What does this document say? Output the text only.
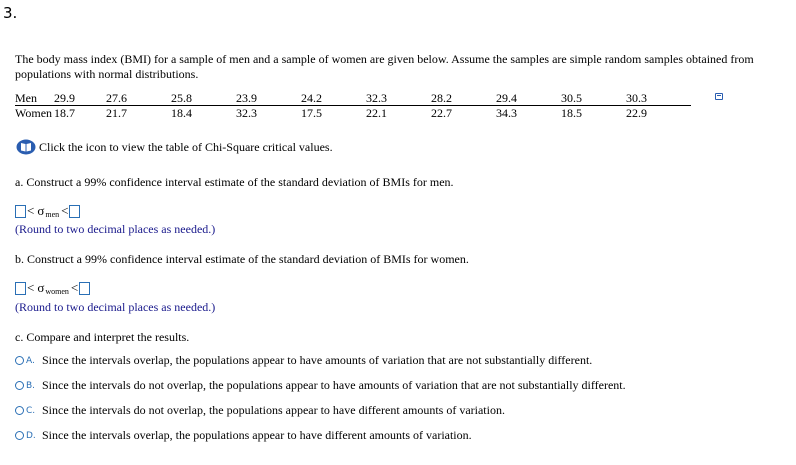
3.
The body mass index (BMI) for a sample of men and a sample of women are given below. Assume the samples are simple random samples obtained from populations with normal distributions.
Men	29.9	27.6	25.8	23.9	24.2	32.3	28.2	29.4	30.5	30.3
Women	18.7	21.7	18.4	32.3	17.5	22.1	22.7	34.3	18.5	22.9
Click the icon to view the table of Chi-Square critical values.
a. Construct a 99% confidence interval estimate of the standard deviation of BMIs for men.
< σ men <
(Round to two decimal places as needed.)
b. Construct a 99% confidence interval estimate of the standard deviation of BMIs for women.
< σ women <
(Round to two decimal places as needed.)
c. Compare and interpret the results.
A. Since the intervals overlap, the populations appear to have amounts of variation that are not substantially different.
B. Since the intervals do not overlap, the populations appear to have amounts of variation that are not substantially different.
C. Since the intervals do not overlap, the populations appear to have different amounts of variation.
D. Since the intervals overlap, the populations appear to have different amounts of variation.
